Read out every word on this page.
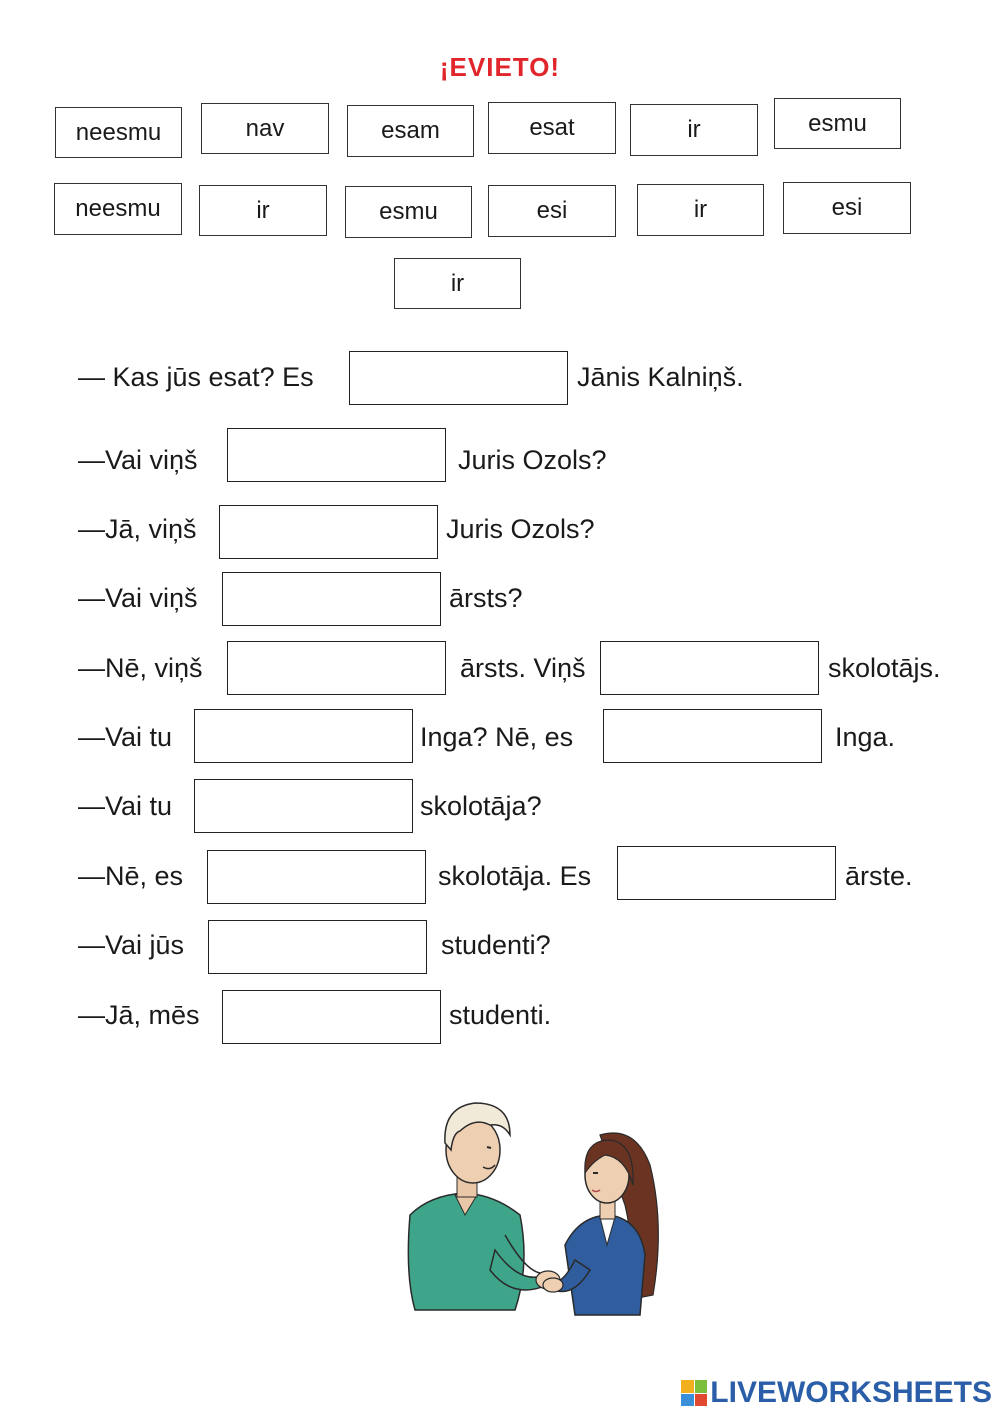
¡EVIETO!
neesmu	nav	esam	esat	ir	esmu
neesmu	ir	esmu	esi	ir	esi
ir
— Kas jūs esat? Es	Jānis Kalniņš.
—Vai viņš	Juris Ozols?
—Jā, viņš	Juris Ozols?
—Vai viņš	ārsts?
—Nē, viņš	ārsts. Viņš	skolotājs.
—Vai tu	Inga? Nē, es	Inga.
—Vai tu	skolotāja?
—Nē, es	skolotāja. Es	ārste.
—Vai jūs	studenti?
—Jā, mēs	studenti.
LIVEWORKSHEETS
